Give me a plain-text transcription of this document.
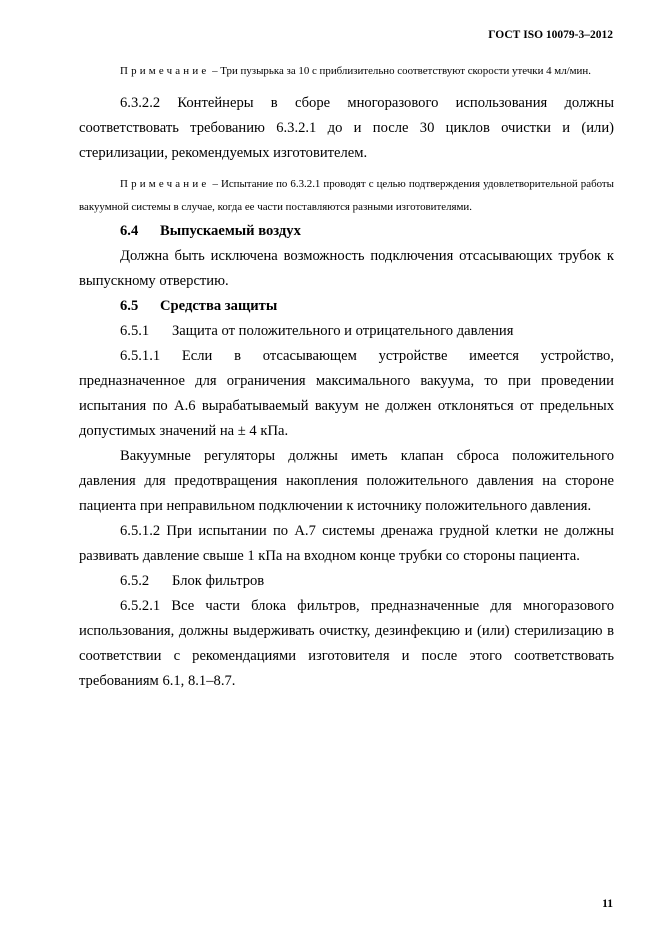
ГОСТ ISO 10079-3–2012

Примечание – Три пузырька за 10 с приблизительно соответствуют скорости утечки 4 мл/мин.

6.3.2.2 Контейнеры в сборе многоразового использования должны соответствовать требованию 6.3.2.1 до и после 30 циклов очистки и (или) стерилизации, рекомендуемых изготовителем.

Примечание – Испытание по 6.3.2.1 проводят с целью подтверждения удовлетворительной работы вакуумной системы в случае, когда ее части поставляются разными изготовителями.

6.4 Выпускаемый воздух

Должна быть исключена возможность подключения отсасывающих трубок к выпускному отверстию.

6.5 Средства защиты

6.5.1 Защита от положительного и отрицательного давления

6.5.1.1 Если в отсасывающем устройстве имеется устройство, предназначенное для ограничения максимального вакуума, то при проведении испытания по А.6 вырабатываемый вакуум не должен отклоняться от предельных допустимых значений на ± 4 кПа.

Вакуумные регуляторы должны иметь клапан сброса положительного давления для предотвращения накопления положительного давления на стороне пациента при неправильном подключении к источнику положительного давления.

6.5.1.2 При испытании по А.7 системы дренажа грудной клетки не должны развивать давление свыше 1 кПа на входном конце трубки со стороны пациента.

6.5.2 Блок фильтров

6.5.2.1 Все части блока фильтров, предназначенные для многоразового использования, должны выдерживать очистку, дезинфекцию и (или) стерилизацию в соответствии с рекомендациями изготовителя и после этого соответствовать требованиям 6.1, 8.1–8.7.

11
